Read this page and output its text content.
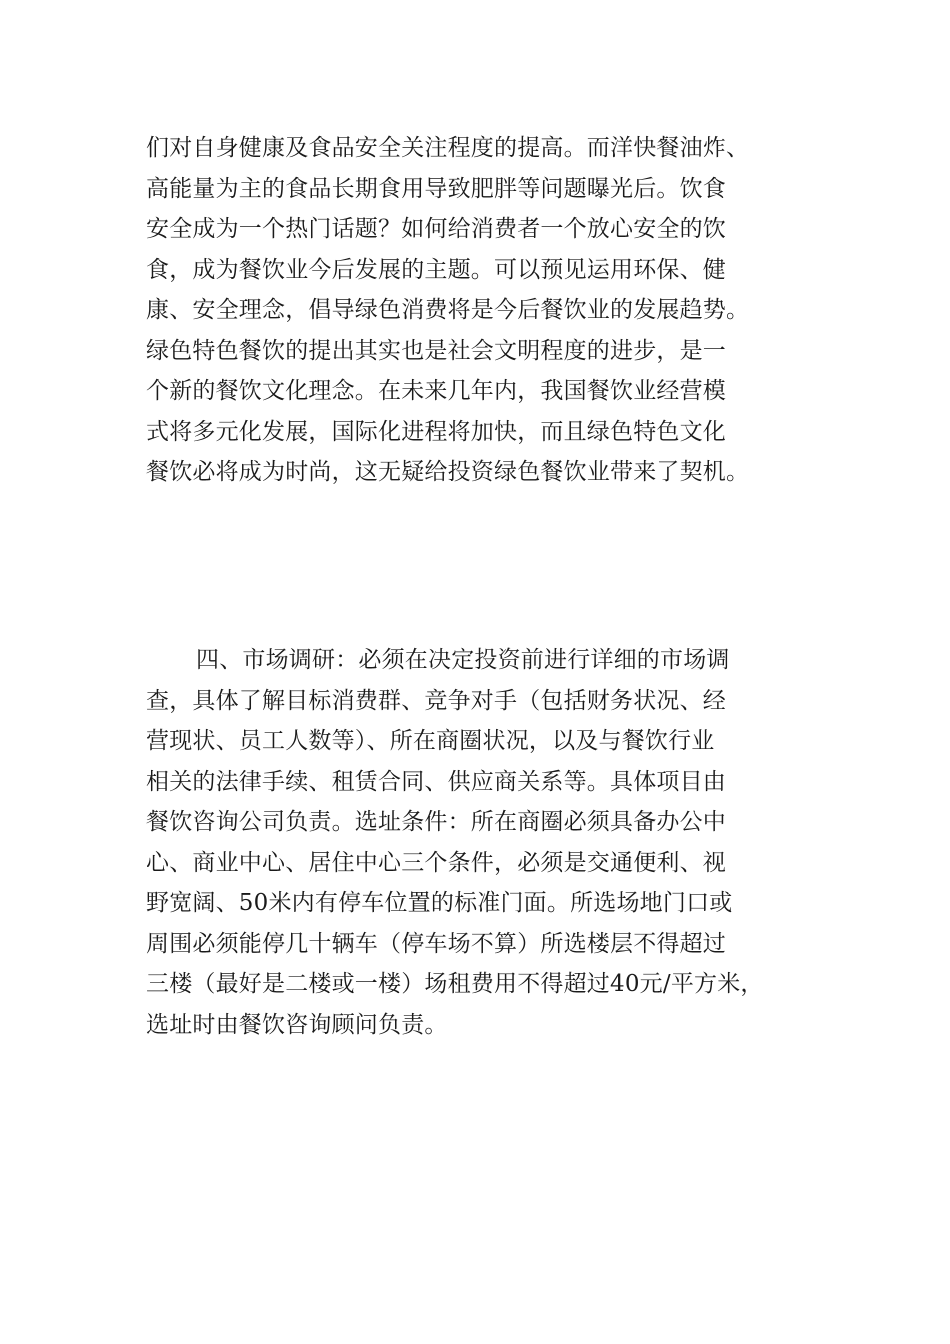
们对自身健康及食品安全关注程度的提高。而洋快餐油炸、
高能量为主的食品长期食用导致肥胖等问题曝光后。饮食
安全成为一个热门话题？如何给消费者一个放心安全的饮
食，成为餐饮业今后发展的主题。可以预见运用环保、健
康、安全理念，倡导绿色消费将是今后餐饮业的发展趋势。
绿色特色餐饮的提出其实也是社会文明程度的进步，是一
个新的餐饮文化理念。在未来几年内，我国餐饮业经营模
式将多元化发展，国际化进程将加快，而且绿色特色文化
餐饮必将成为时尚，这无疑给投资绿色餐饮业带来了契机。
四、市场调研：必须在决定投资前进行详细的市场调
查，具体了解目标消费群、竞争对手（包括财务状况、经
营现状、员工人数等）、所在商圈状况，以及与餐饮行业
相关的法律手续、租赁合同、供应商关系等。具体项目由
餐饮咨询公司负责。选址条件：所在商圈必须具备办公中
心、商业中心、居住中心三个条件，必须是交通便利、视
野宽阔、50米内有停车位置的标准门面。所选场地门口或
周围必须能停几十辆车（停车场不算）所选楼层不得超过
三楼（最好是二楼或一楼）场租费用不得超过40元/平方米，
选址时由餐饮咨询顾问负责。
